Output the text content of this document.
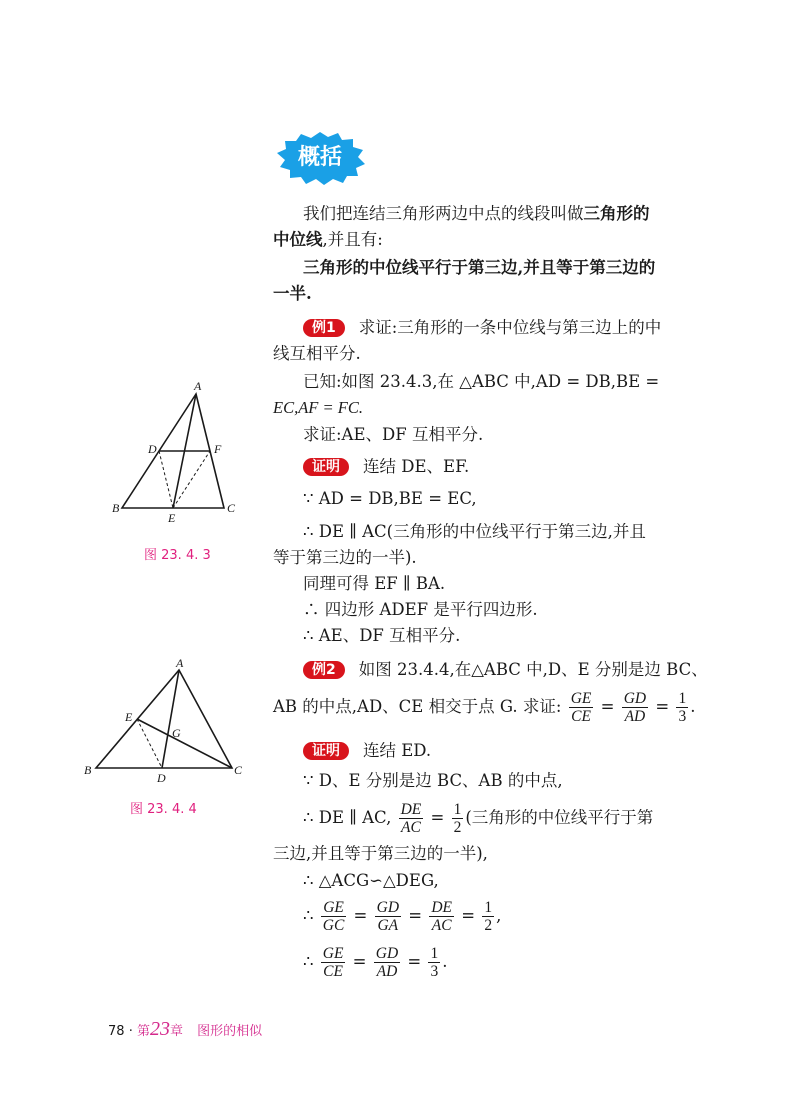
概括
我们把连结三角形两边中点的线段叫做三角形的
中位线,并且有:
三角形的中位线平行于第三边,并且等于第三边的
一半.
例1 求证:三角形的一条中位线与第三边上的中
线互相平分.
已知:如图 23.4.3,在 △ABC 中,AD = DB,BE =
EC,AF = FC.
求证:AE、DF 互相平分.
证明 连结 DE、EF.
∵ AD = DB,BE = EC,
∴ DE ∥ AC(三角形的中位线平行于第三边,并且
等于第三边的一半).
同理可得 EF ∥ BA.
∴ 四边形 ADEF 是平行四边形.
∴ AE、DF 互相平分.
例2 如图 23.4.4,在△ABC 中,D、E 分别是边 BC、
AB 的中点,AD、CE 相交于点 G. 求证: $\frac{GE}{CE} = \frac{GD}{AD} = \frac{1}{3}$ .
证明 连结 ED.
∵ D、E 分别是边 BC、AB 的中点,
∴ DE ∥ AC, $\frac{DE}{AC} = \frac{1}{2}$ (三角形的中位线平行于第
三边,并且等于第三边的一半),
∴ △ACG∽△DEG,
∴ $\frac{GE}{GC} = \frac{GD}{GA} = \frac{DE}{AC} = \frac{1}{2}$ ,
∴ $\frac{GE}{CE} = \frac{GD}{AD} = \frac{1}{3}$ .
A
D	F
B
E
C
图 23. 4. 3
A
E
G
B
D
C
图 23. 4. 4
78 · 第23章 图形的相似
